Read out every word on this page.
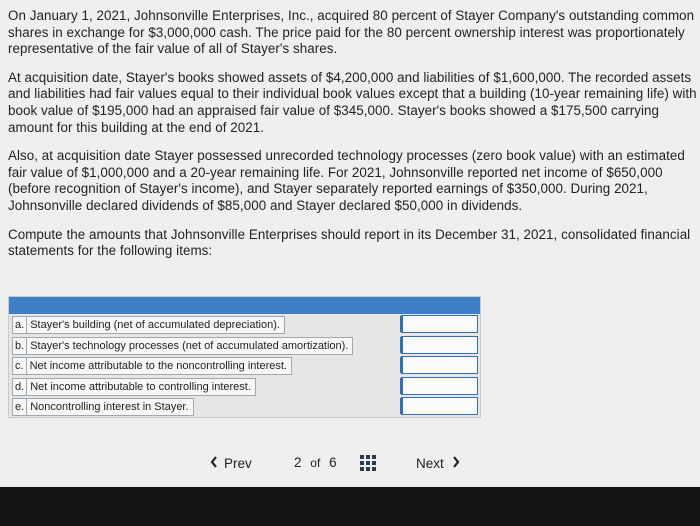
On January 1, 2021, Johnsonville Enterprises, Inc., acquired 80 percent of Stayer Company's outstanding common
shares in exchange for $3,000,000 cash. The price paid for the 80 percent ownership interest was proportionately
representative of the fair value of all of Stayer's shares.

At acquisition date, Stayer's books showed assets of $4,200,000 and liabilities of $1,600,000. The recorded assets
and liabilities had fair values equal to their individual book values except that a building (10-year remaining life) with
book value of $195,000 had an appraised fair value of $345,000. Stayer's books showed a $175,500 carrying
amount for this building at the end of 2021.

Also, at acquisition date Stayer possessed unrecorded technology processes (zero book value) with an estimated
fair value of $1,000,000 and a 20-year remaining life. For 2021, Johnsonville reported net income of $650,000
(before recognition of Stayer's income), and Stayer separately reported earnings of $350,000. During 2021,
Johnsonville declared dividends of $85,000 and Stayer declared $50,000 in dividends.

Compute the amounts that Johnsonville Enterprises should report in its December 31, 2021, consolidated financial
statements for the following items:

a. Stayer's building (net of accumulated depreciation).
b. Stayer's technology processes (net of accumulated amortization).
c. Net income attributable to the noncontrolling interest.
d. Net income attributable to controlling interest.
e. Noncontrolling interest in Stayer.
Prev	2 of 6	Next
